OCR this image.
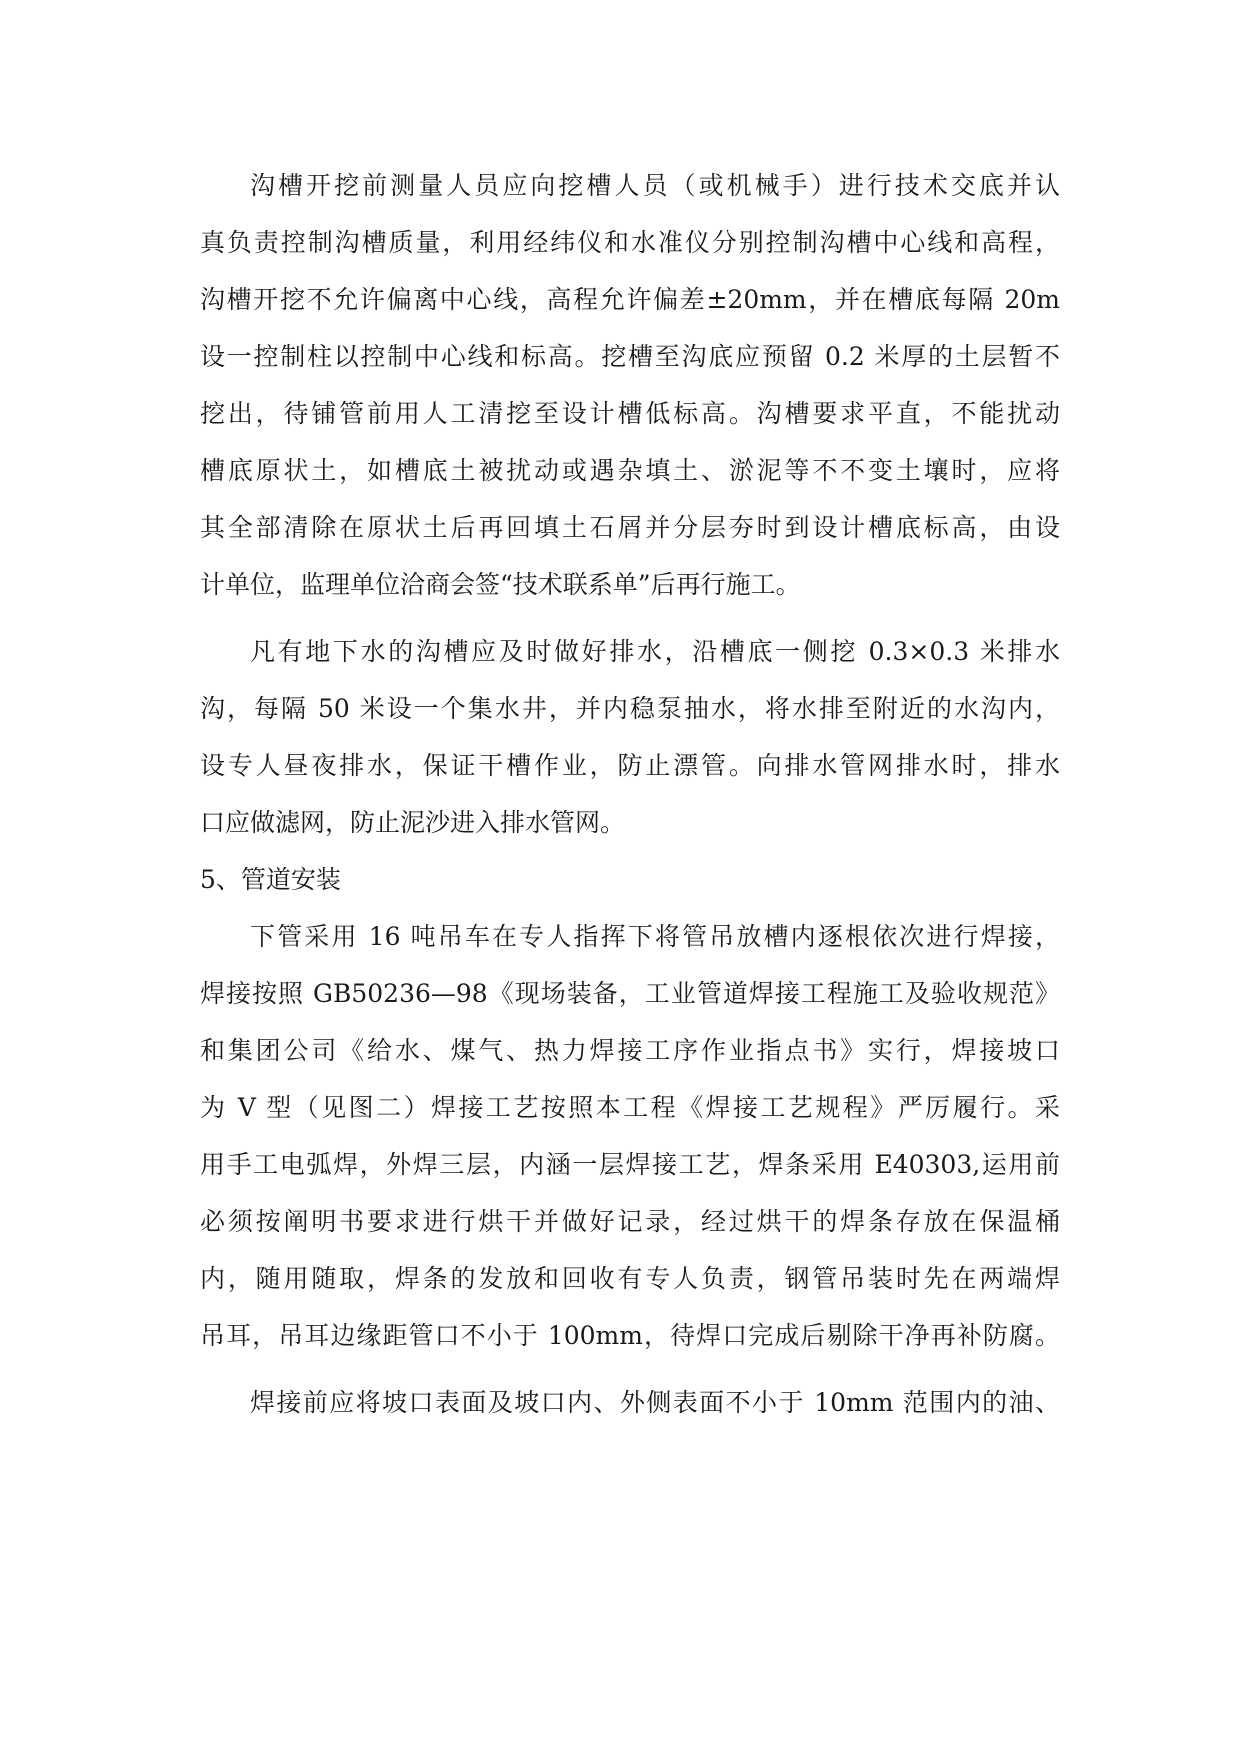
沟槽开挖前测量人员应向挖槽人员（或机械手）进行技术交底并认
真负责控制沟槽质量，利用经纬仪和水准仪分别控制沟槽中心线和高程，
沟槽开挖不允许偏离中心线，高程允许偏差±20mm，并在槽底每隔 20m
设一控制柱以控制中心线和标高。挖槽至沟底应预留 0.2 米厚的土层暂不
挖出，待铺管前用人工清挖至设计槽低标高。沟槽要求平直，不能扰动
槽底原状土，如槽底土被扰动或遇杂填土、淤泥等不不变土壤时，应将
其全部清除在原状土后再回填土石屑并分层夯时到设计槽底标高，由设
计单位，监理单位洽商会签“技术联系单”后再行施工。
凡有地下水的沟槽应及时做好排水，沿槽底一侧挖 0.3×0.3 米排水
沟，每隔 50 米设一个集水井，并内稳泵抽水，将水排至附近的水沟内，
设专人昼夜排水，保证干槽作业，防止漂管。向排水管网排水时，排水
口应做滤网，防止泥沙进入排水管网。
5、管道安装
下管采用 16 吨吊车在专人指挥下将管吊放槽内逐根依次进行焊接，
焊接按照 GB50236—98《现场装备，工业管道焊接工程施工及验收规范》
和集团公司《给水、煤气、热力焊接工序作业指点书》实行，焊接坡口
为 V 型（见图二）焊接工艺按照本工程《焊接工艺规程》严厉履行。采
用手工电弧焊，外焊三层，内涵一层焊接工艺，焊条采用 E40303,运用前
必须按阐明书要求进行烘干并做好记录，经过烘干的焊条存放在保温桶
内，随用随取，焊条的发放和回收有专人负责，钢管吊装时先在两端焊
吊耳，吊耳边缘距管口不小于 100mm，待焊口完成后剔除干净再补防腐。
焊接前应将坡口表面及坡口内、外侧表面不小于 10mm 范围内的油、
